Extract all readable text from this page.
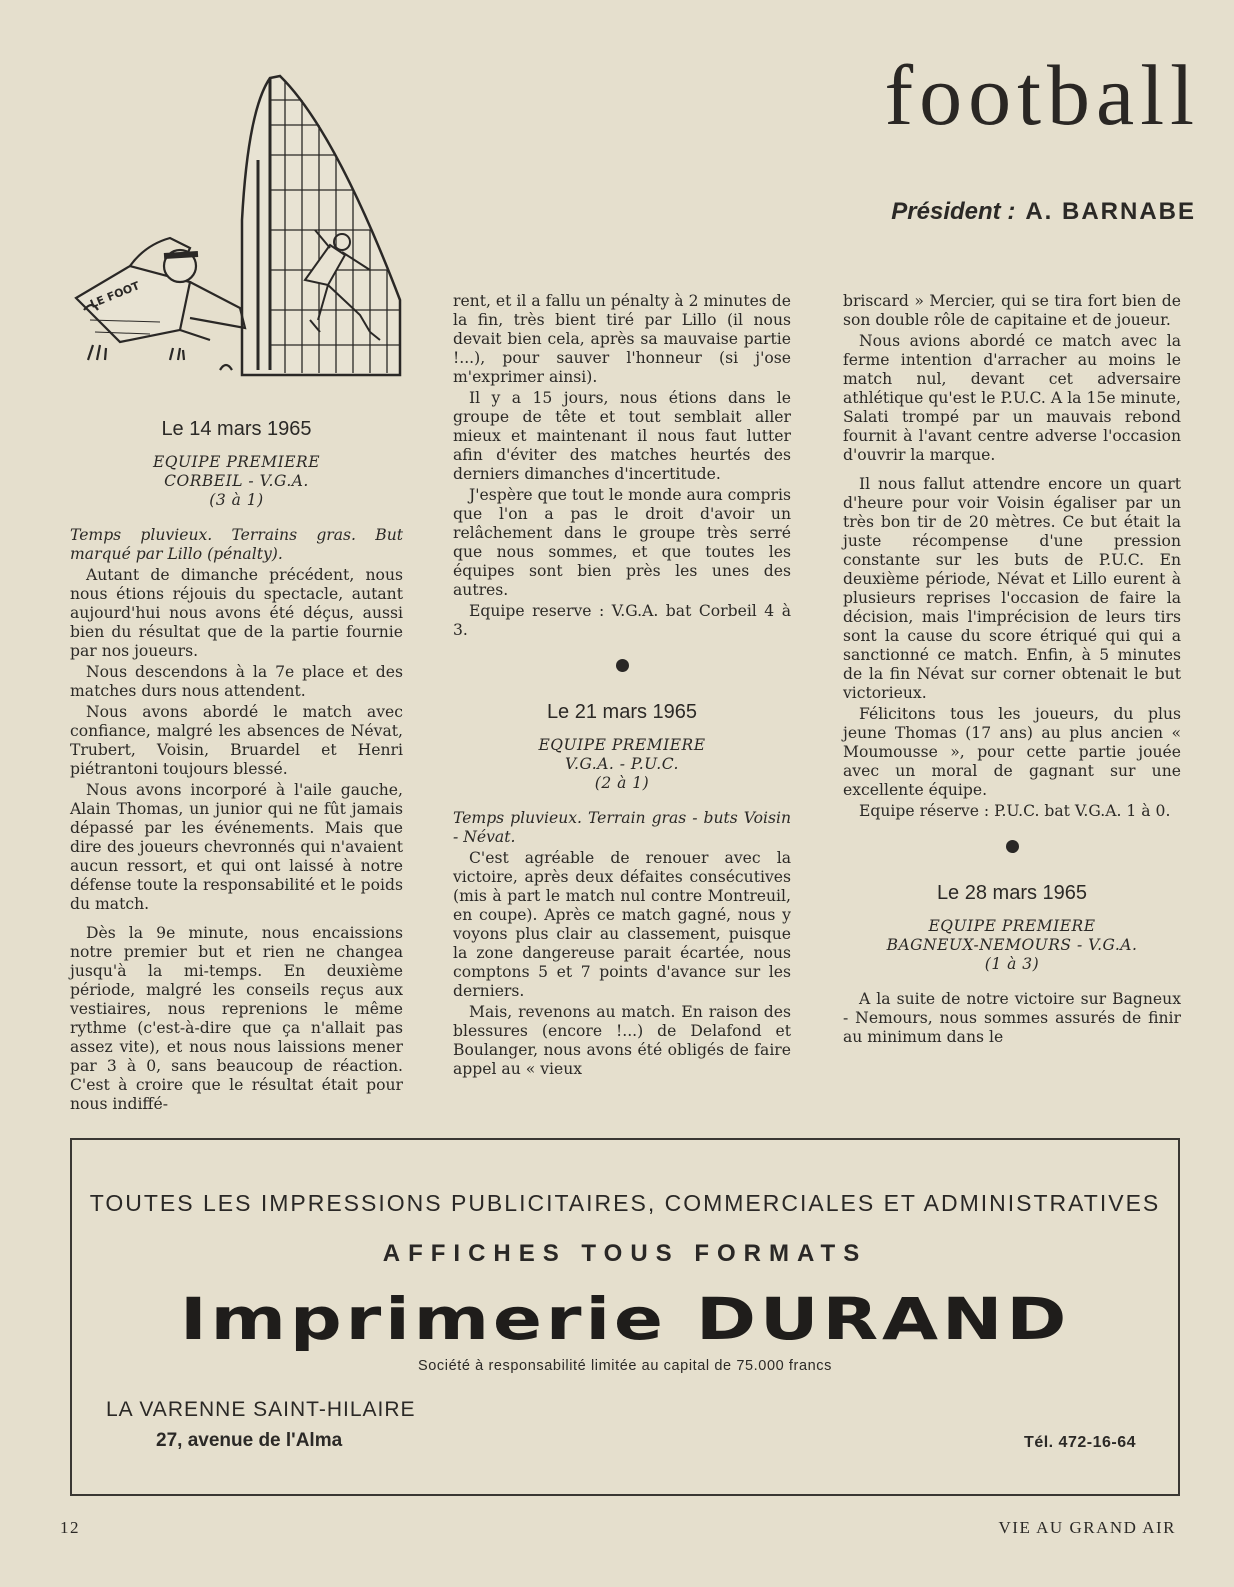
football
Président : A. BARNABE
LE FOOT
Le 14 mars 1965
EQUIPE PREMIERE
CORBEIL - V.G.A.
(3 à 1)

Temps pluvieux. Terrains gras. But marqué par Lillo (pénalty).

Autant de dimanche précédent, nous nous étions réjouis du spectacle, autant aujourd'hui nous avons été déçus, aussi bien du résultat que de la partie fournie par nos joueurs.

Nous descendons à la 7e place et des matches durs nous attendent.

Nous avons abordé le match avec confiance, malgré les absences de Névat, Trubert, Voisin, Bruardel et Henri piétrantoni toujours blessé.

Nous avons incorporé à l'aile gauche, Alain Thomas, un junior qui ne fût jamais dépassé par les événements. Mais que dire des joueurs chevronnés qui n'avaient aucun ressort, et qui ont laissé à notre défense toute la responsabilité et le poids du match.

Dès la 9e minute, nous encaissions notre premier but et rien ne changea jusqu'à la mi-temps. En deuxième période, malgré les conseils reçus aux vestiaires, nous reprenions le même rythme (c'est-à-dire que ça n'allait pas assez vite), et nous nous laissions mener par 3 à 0, sans beaucoup de réaction. C'est à croire que le résultat était pour nous indiffé-

rent, et il a fallu un pénalty à 2 minutes de la fin, très bient tiré par Lillo (il nous devait bien cela, après sa mauvaise partie !...), pour sauver l'honneur (si j'ose m'exprimer ainsi).

Il y a 15 jours, nous étions dans le groupe de tête et tout semblait aller mieux et maintenant il nous faut lutter afin d'éviter des matches heurtés des derniers dimanches d'incertitude.

J'espère que tout le monde aura compris que l'on a pas le droit d'avoir un relâchement dans le groupe très serré que nous sommes, et que toutes les équipes sont bien près les unes des autres.

Equipe reserve : V.G.A. bat Corbeil 4 à 3.

Le 21 mars 1965
EQUIPE PREMIERE
V.G.A. - P.U.C.
(2 à 1)

Temps pluvieux. Terrain gras - buts Voisin - Névat.

C'est agréable de renouer avec la victoire, après deux défaites consécutives (mis à part le match nul contre Montreuil, en coupe). Après ce match gagné, nous y voyons plus clair au classement, puisque la zone dangereuse parait écartée, nous comptons 5 et 7 points d'avance sur les derniers.

Mais, revenons au match. En raison des blessures (encore !...) de Delafond et Boulanger, nous avons été obligés de faire appel au « vieux

briscard » Mercier, qui se tira fort bien de son double rôle de capitaine et de joueur.

Nous avions abordé ce match avec la ferme intention d'arracher au moins le match nul, devant cet adversaire athlétique qu'est le P.U.C. A la 15e minute, Salati trompé par un mauvais rebond fournit à l'avant centre adverse l'occasion d'ouvrir la marque.

Il nous fallut attendre encore un quart d'heure pour voir Voisin égaliser par un très bon tir de 20 mètres. Ce but était la juste récompense d'une pression constante sur les buts de P.U.C. En deuxième période, Névat et Lillo eurent à plusieurs reprises l'occasion de faire la décision, mais l'imprécision de leurs tirs sont la cause du score étriqué qui qui a sanctionné ce match. Enfin, à 5 minutes de la fin Névat sur corner obtenait le but victorieux.

Félicitons tous les joueurs, du plus jeune Thomas (17 ans) au plus ancien « Moumousse », pour cette partie jouée avec un moral de gagnant sur une excellente équipe.

Equipe réserve : P.U.C. bat V.G.A. 1 à 0.

Le 28 mars 1965
EQUIPE PREMIERE
BAGNEUX-NEMOURS - V.G.A.
(1 à 3)

A la suite de notre victoire sur Bagneux - Nemours, nous sommes assurés de finir au minimum dans le

TOUTES LES IMPRESSIONS PUBLICITAIRES, COMMERCIALES ET ADMINISTRATIVES
AFFICHES TOUS FORMATS
Imprimerie DURAND
Société à responsabilité limitée au capital de 75.000 francs
LA VARENNE SAINT-HILAIRE
27, avenue de l'Alma	Tél. 472-16-64
12	VIE AU GRAND AIR
